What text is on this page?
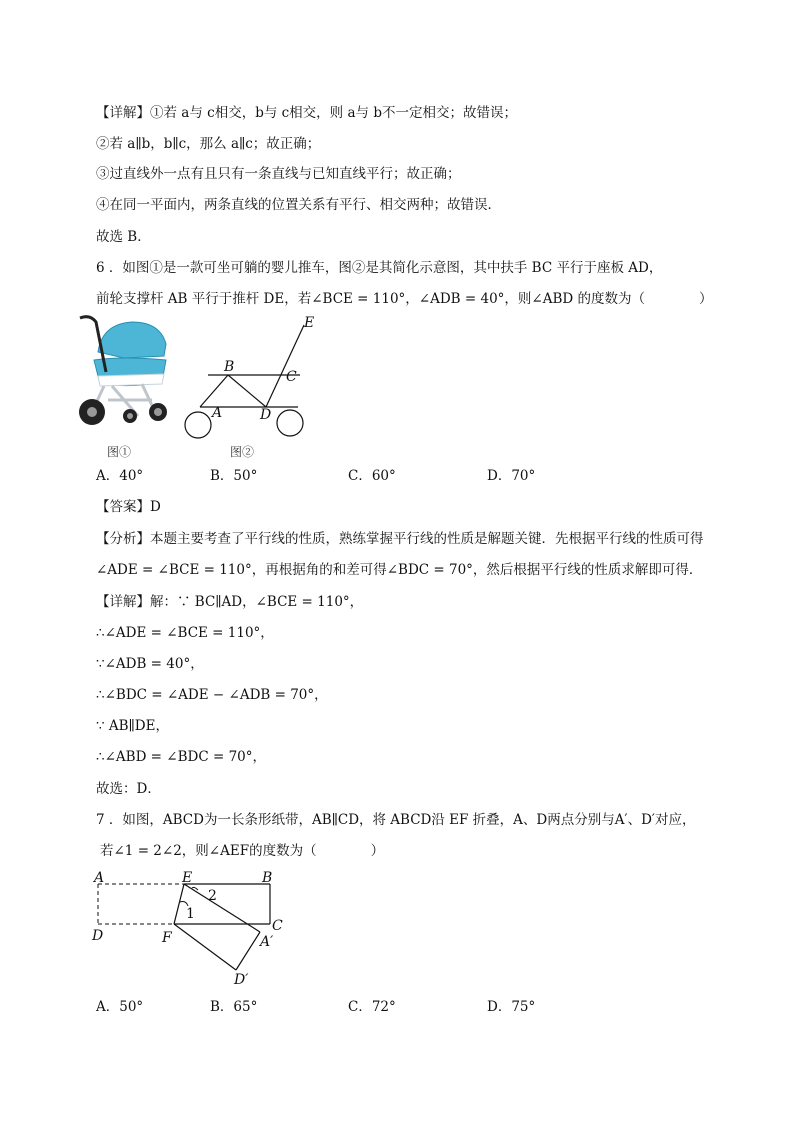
【详解】①若 a与 c相交，b与 c相交，则 a与 b不一定相交；故错误；
②若 a∥b，b∥c，那么 a∥c；故正确；
③过直线外一点有且只有一条直线与已知直线平行；故正确；
④在同一平面内，两条直线的位置关系有平行、相交两种；故错误．
故选 B．
6 ．如图①是一款可坐可躺的婴儿推车，图②是其简化示意图，其中扶手 BC 平行于座板 AD，
前轮支撑杆 AB 平行于推杆 DE，若∠BCE = 110°，∠ADB = 40°，则∠ABD 的度数为（　　　　）
图①
E
B
C
A	D
图②
A．40°	B．50°	C．60°	D．70°
【答案】D
【分析】本题主要考查了平行线的性质，熟练掌握平行线的性质是解题关键．先根据平行线的性质可得
∠ADE = ∠BCE = 110°，再根据角的和差可得∠BDC = 70°，然后根据平行线的性质求解即可得．
【详解】解：∵ BC∥AD，∠BCE = 110°，
∴∠ADE = ∠BCE = 110°，
∵∠ADB = 40°，
∴∠BDC = ∠ADE − ∠ADB = 70°，
∵ AB∥DE，
∴∠ABD = ∠BDC = 70°，
故选：D．
7 ．如图，ABCD为一长条形纸带，AB∥CD，将 ABCD沿 EF 折叠，A、D两点分别与A′、D′对应，
若∠1 = 2∠2，则∠AEF的度数为（　　　　）
A	E	B
C
D	F	A′
D′
1
2
A．50°	B．65°	C．72°	D．75°
